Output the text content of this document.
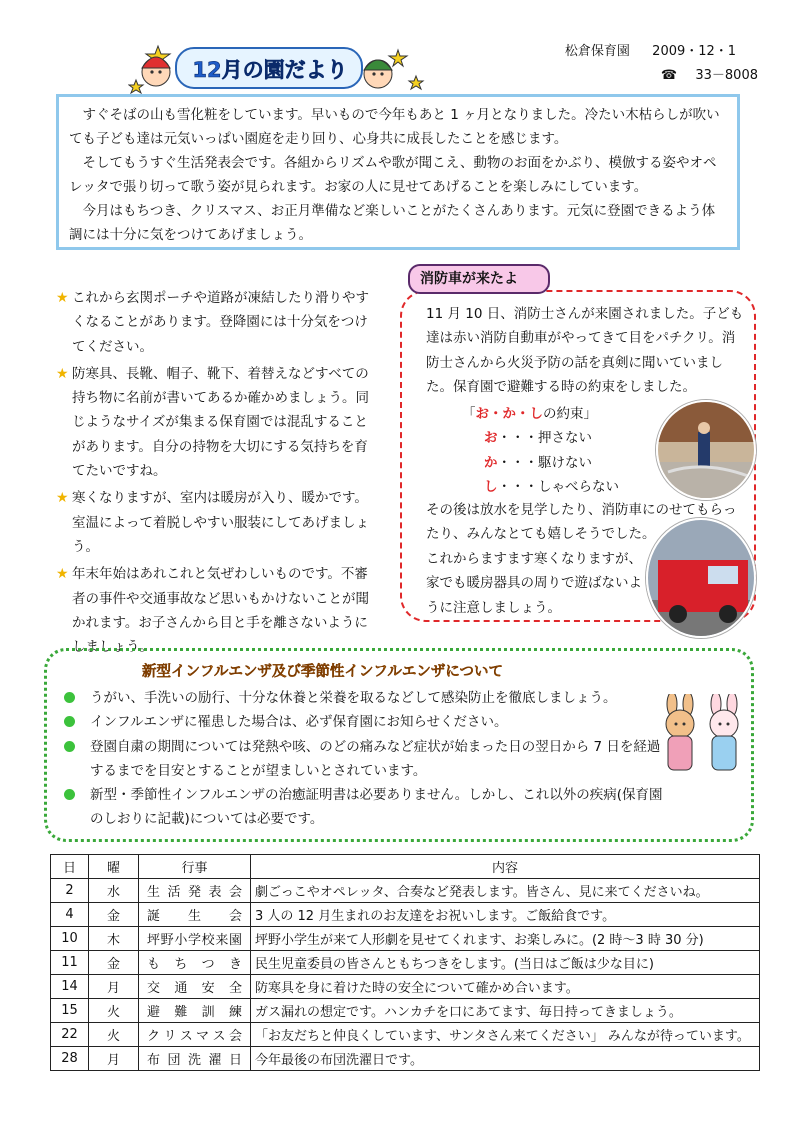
12月の園だより
松倉保育園 2009・12・1
☎ 33－8008

すぐそばの山も雪化粧をしています。早いもので今年もあと 1 ヶ月となりました。冷たい木枯らしが吹いても子ども達は元気いっぱい園庭を走り回り、心身共に成長したことを感じます。

そしてもうすぐ生活発表会です。各組からリズムや歌が聞こえ、動物のお面をかぶり、模倣する姿やオペレッタで張り切って歌う姿が見られます。お家の人に見せてあげることを楽しみにしています。

今月はもちつき、クリスマス、お正月準備など楽しいことがたくさんあります。元気に登園できるよう体調には十分に気をつけてあげましょう。

★ これから玄関ポーチや道路が凍結したり滑りやすくなることがあります。登降園には十分気をつけてください。
★ 防寒具、長靴、帽子、靴下、着替えなどすべての持ち物に名前が書いてあるか確かめましょう。同じようなサイズが集まる保育園では混乱することがあります。自分の持物を大切にする気持ちを育てたいですね。
★ 寒くなりますが、室内は暖房が入り、暖かです。室温によって着脱しやすい服装にしてあげましょう。
★ 年末年始はあれこれと気ぜわしいものです。不審者の事件や交通事故など思いもかけないことが聞かれます。お子さんから目と手を離さないようにしましょう。
消防車が来たよ

11 月 10 日、消防士さんが来園されました。子ども達は赤い消防自動車がやってきて目をパチクリ。消防士さんから火災予防の話を真剣に聞いていました。保育園で避難する時の約束をしました。

「お・か・しの約束」
お・・・押さない
か・・・駆けない
し・・・しゃべらない
その後は放水を見学したり、消防車にのせてもらったり、みんなとても嬉しそうでした。
これからますます寒くなりますが、家でも暖房器具の周りで遊ばないように注意しましょう。
新型インフルエンザ及び季節性インフルエンザについて
うがい、手洗いの励行、十分な休養と栄養を取るなどして感染防止を徹底しましょう。
インフルエンザに罹患した場合は、必ず保育園にお知らせください。
登園自粛の期間については発熱や咳、のどの痛みなど症状が始まった日の翌日から 7 日を経過するまでを目安とすることが望ましいとされています。
新型・季節性インフルエンザの治癒証明書は必要ありません。しかし、これ以外の疾病(保育園のしおりに記載)については必要です。
日	曜	行事	内容
2	水	生活発表会	劇ごっこやオペレッタ、合奏など発表します。皆さん、見に来てくださいね。
4	金	誕生会	3 人の 12 月生まれのお友達をお祝いします。ご飯給食です。
10	木	坪野小学校来園	坪野小学生が来て人形劇を見せてくれます、お楽しみに。(2 時～3 時 30 分)
11	金	もちつき	民生児童委員の皆さんともちつきをします。(当日はご飯は少な目に)
14	月	交通安全	防寒具を身に着けた時の安全について確かめ合います。
15	火	避難訓練	ガス漏れの想定です。ハンカチを口にあてます、毎日持ってきましょう。
22	火	クリスマス会	「お友だちと仲良くしています、サンタさん来てください」 みんなが待っています。
28	月	布団洗濯日	今年最後の布団洗濯日です。
